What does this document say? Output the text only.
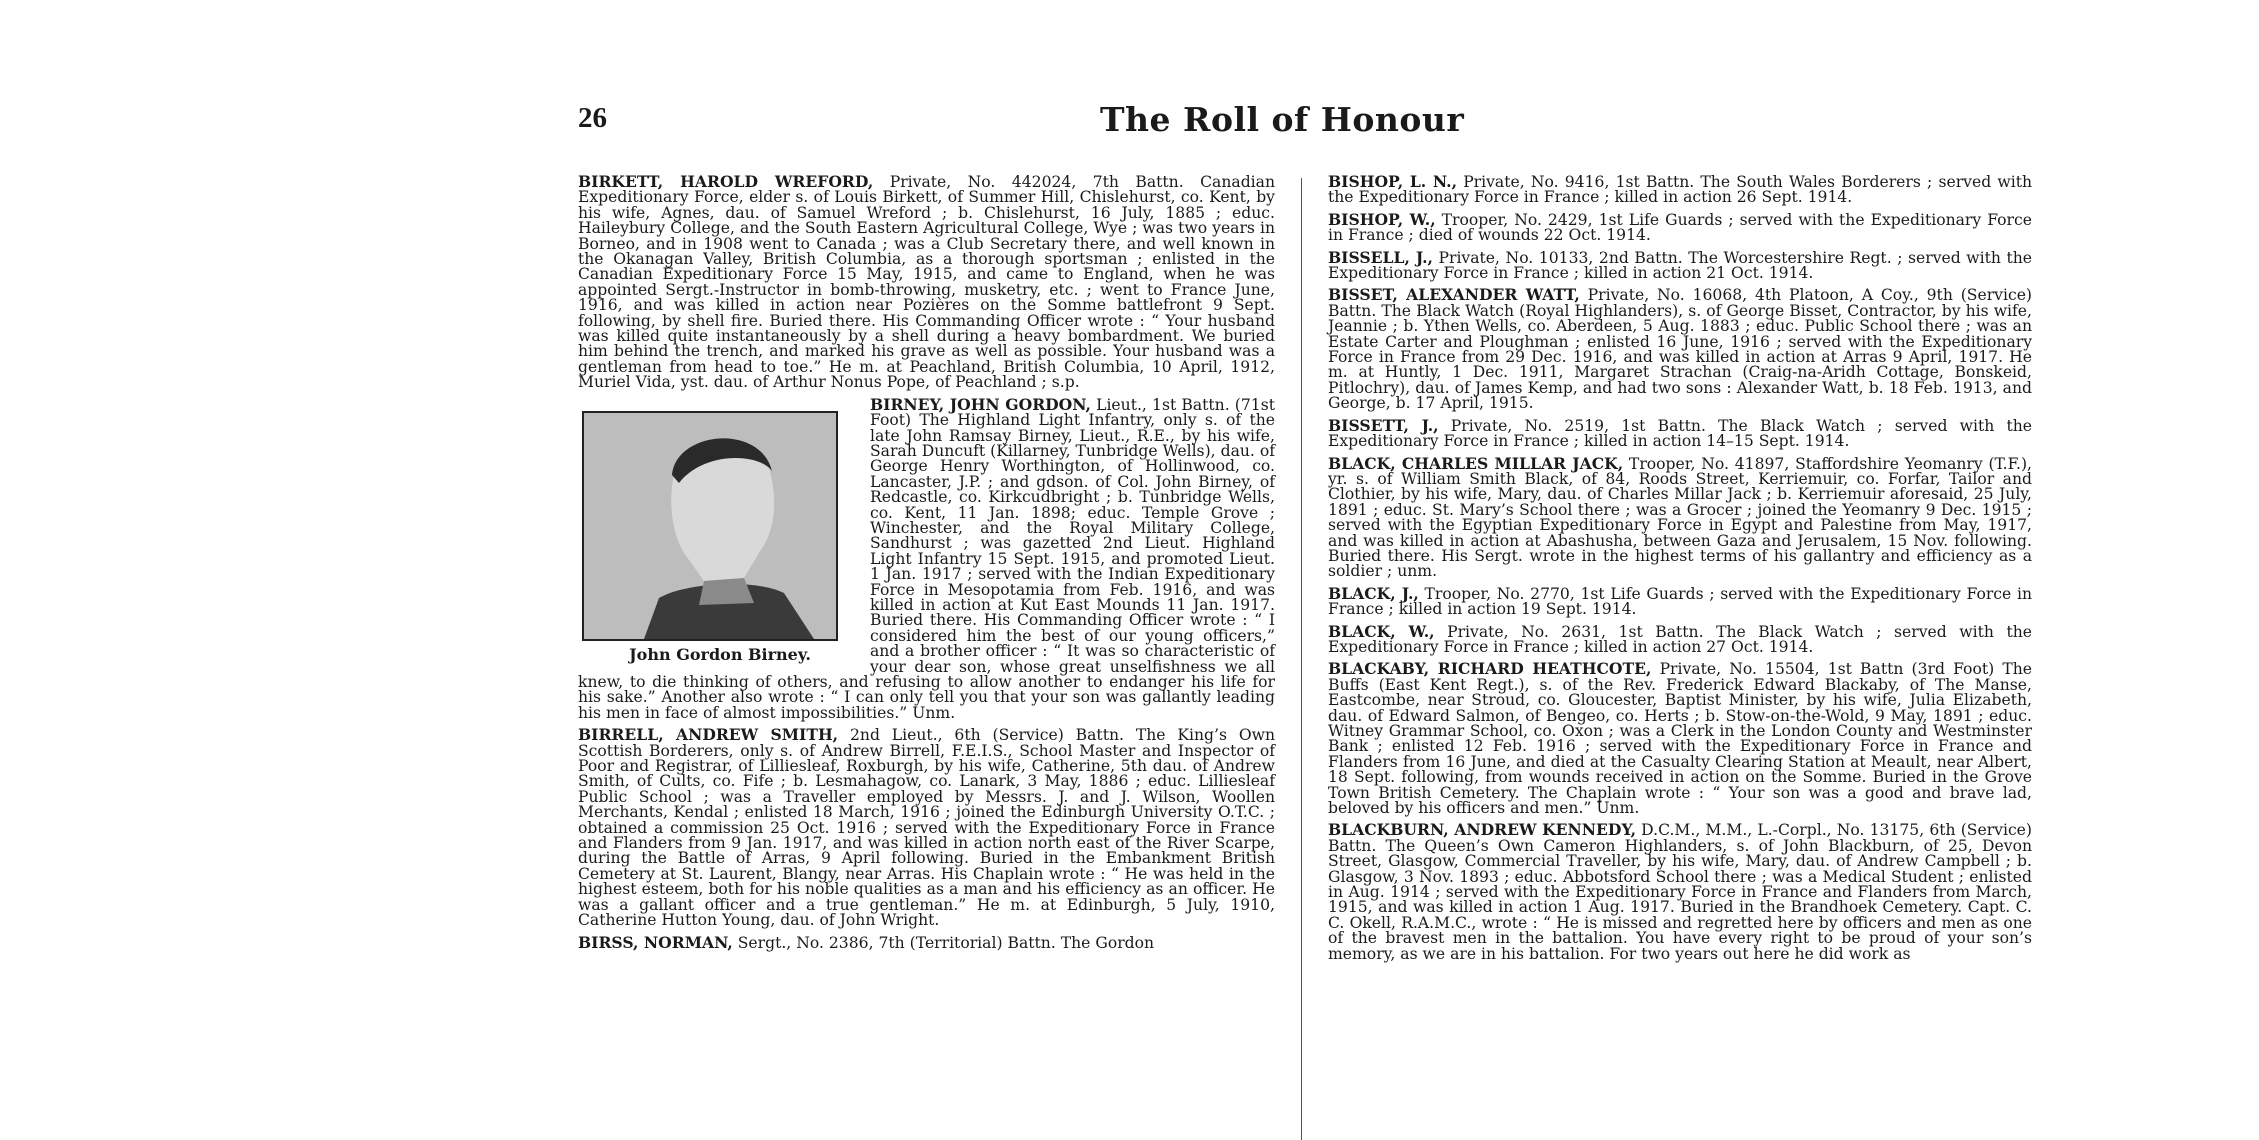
26	The Roll of Honour

BIRKETT, HAROLD WREFORD, Private, No. 442024, 7th Battn. Canadian Expeditionary Force, elder s. of Louis Birkett, of Summer Hill, Chislehurst, co. Kent, by his wife, Agnes, dau. of Samuel Wreford ; b. Chislehurst, 16 July, 1885 ; educ. Haileybury College, and the South Eastern Agricultural College, Wye ; was two years in Borneo, and in 1908 went to Canada ; was a Club Secretary there, and well known in the Okanagan Valley, British Columbia, as a thorough sportsman ; enlisted in the Canadian Expeditionary Force 15 May, 1915, and came to England, when he was appointed Sergt.-Instructor in bomb-throwing, musketry, etc. ; went to France June, 1916, and was killed in action near Pozières on the Somme battlefront 9 Sept. following, by shell fire. Buried there. His Commanding Officer wrote : “ Your husband was killed quite instantaneously by a shell during a heavy bombardment. We buried him behind the trench, and marked his grave as well as possible. Your husband was a gentleman from head to toe.” He m. at Peachland, British Columbia, 10 April, 1912, Muriel Vida, yst. dau. of Arthur Nonus Pope, of Peachland ; s.p.

John Gordon Birney.
BIRNEY, JOHN GORDON, Lieut., 1st Battn. (71st Foot) The Highland Light Infantry, only s. of the late John Ramsay Birney, Lieut., R.E., by his wife, Sarah Duncuft (Killarney, Tunbridge Wells), dau. of George Henry Worthington, of Hollinwood, co. Lancaster, J.P. ; and gdson. of Col. John Birney, of Redcastle, co. Kirkcudbright ; b. Tunbridge Wells, co. Kent, 11 Jan. 1898; educ. Temple Grove ; Winchester, and the Royal Military College, Sandhurst ; was gazetted 2nd Lieut. Highland Light Infantry 15 Sept. 1915, and promoted Lieut. 1 Jan. 1917 ; served with the Indian Expeditionary Force in Mesopotamia from Feb. 1916, and was killed in action at Kut East Mounds 11 Jan. 1917. Buried there. His Commanding Officer wrote : “ I considered him the best of our young officers,” and a brother officer : “ It was so characteristic of your dear son, whose great unselfishness we all knew, to die thinking of others, and refusing to allow another to endanger his life for his sake.” Another also wrote : “ I can only tell you that your son was gallantly leading his men in face of almost impossibilities.” Unm.

BIRRELL, ANDREW SMITH, 2nd Lieut., 6th (Service) Battn. The King’s Own Scottish Borderers, only s. of Andrew Birrell, F.E.I.S., School Master and Inspector of Poor and Registrar, of Lilliesleaf, Roxburgh, by his wife, Catherine, 5th dau. of Andrew Smith, of Cults, co. Fife ; b. Lesmahagow, co. Lanark, 3 May, 1886 ; educ. Lilliesleaf Public School ; was a Traveller employed by Messrs. J. and J. Wilson, Woollen Merchants, Kendal ; enlisted 18 March, 1916 ; joined the Edinburgh University O.T.C. ; obtained a commission 25 Oct. 1916 ; served with the Expeditionary Force in France and Flanders from 9 Jan. 1917, and was killed in action north east of the River Scarpe, during the Battle of Arras, 9 April following. Buried in the Embankment British Cemetery at St. Laurent, Blangy, near Arras. His Chaplain wrote : “ He was held in the highest esteem, both for his noble qualities as a man and his efficiency as an officer. He was a gallant officer and a true gentleman.” He m. at Edinburgh, 5 July, 1910, Catherine Hutton Young, dau. of John Wright.

BIRSS, NORMAN, Sergt., No. 2386, 7th (Territorial) Battn. The Gordon

BISHOP, L. N., Private, No. 9416, 1st Battn. The South Wales Borderers ; served with the Expeditionary Force in France ; killed in action 26 Sept. 1914.

BISHOP, W., Trooper, No. 2429, 1st Life Guards ; served with the Expeditionary Force in France ; died of wounds 22 Oct. 1914.

BISSELL, J., Private, No. 10133, 2nd Battn. The Worcestershire Regt. ; served with the Expeditionary Force in France ; killed in action 21 Oct. 1914.

BISSET, ALEXANDER WATT, Private, No. 16068, 4th Platoon, A Coy., 9th (Service) Battn. The Black Watch (Royal Highlanders), s. of George Bisset, Contractor, by his wife, Jeannie ; b. Ythen Wells, co. Aberdeen, 5 Aug. 1883 ; educ. Public School there ; was an Estate Carter and Ploughman ; enlisted 16 June, 1916 ; served with the Expeditionary Force in France from 29 Dec. 1916, and was killed in action at Arras 9 April, 1917. He m. at Huntly, 1 Dec. 1911, Margaret Strachan (Craig-na-Aridh Cottage, Bonskeid, Pitlochry), dau. of James Kemp, and had two sons : Alexander Watt, b. 18 Feb. 1913, and George, b. 17 April, 1915.

BISSETT, J., Private, No. 2519, 1st Battn. The Black Watch ; served with the Expeditionary Force in France ; killed in action 14–15 Sept. 1914.

BLACK, CHARLES MILLAR JACK, Trooper, No. 41897, Staffordshire Yeomanry (T.F.), yr. s. of William Smith Black, of 84, Roods Street, Kerriemuir, co. Forfar, Tailor and Clothier, by his wife, Mary, dau. of Charles Millar Jack ; b. Kerriemuir aforesaid, 25 July, 1891 ; educ. St. Mary’s School there ; was a Grocer ; joined the Yeomanry 9 Dec. 1915 ; served with the Egyptian Expeditionary Force in Egypt and Palestine from May, 1917, and was killed in action at Abashusha, between Gaza and Jerusalem, 15 Nov. following. Buried there. His Sergt. wrote in the highest terms of his gallantry and efficiency as a soldier ; unm.

BLACK, J., Trooper, No. 2770, 1st Life Guards ; served with the Expeditionary Force in France ; killed in action 19 Sept. 1914.

BLACK, W., Private, No. 2631, 1st Battn. The Black Watch ; served with the Expeditionary Force in France ; killed in action 27 Oct. 1914.

BLACKABY, RICHARD HEATHCOTE, Private, No. 15504, 1st Battn (3rd Foot) The Buffs (East Kent Regt.), s. of the Rev. Frederick Edward Blackaby, of The Manse, Eastcombe, near Stroud, co. Gloucester, Baptist Minister, by his wife, Julia Elizabeth, dau. of Edward Salmon, of Bengeo, co. Herts ; b. Stow-on-the-Wold, 9 May, 1891 ; educ. Witney Grammar School, co. Oxon ; was a Clerk in the London County and Westminster Bank ; enlisted 12 Feb. 1916 ; served with the Expeditionary Force in France and Flanders from 16 June, and died at the Casualty Clearing Station at Meault, near Albert, 18 Sept. following, from wounds received in action on the Somme. Buried in the Grove Town British Cemetery. The Chaplain wrote : “ Your son was a good and brave lad, beloved by his officers and men.” Unm.

BLACKBURN, ANDREW KENNEDY, D.C.M., M.M., L.-Corpl., No. 13175, 6th (Service) Battn. The Queen’s Own Cameron Highlanders, s. of John Blackburn, of 25, Devon Street, Glasgow, Commercial Traveller, by his wife, Mary, dau. of Andrew Campbell ; b. Glasgow, 3 Nov. 1893 ; educ. Abbotsford School there ; was a Medical Student ; enlisted in Aug. 1914 ; served with the Expeditionary Force in France and Flanders from March, 1915, and was killed in action 1 Aug. 1917. Buried in the Brandhoek Cemetery. Capt. C. C. Okell, R.A.M.C., wrote : “ He is missed and regretted here by officers and men as one of the bravest men in the battalion. You have every right to be proud of your son’s memory, as we are in his battalion. For two years out here he did work as
